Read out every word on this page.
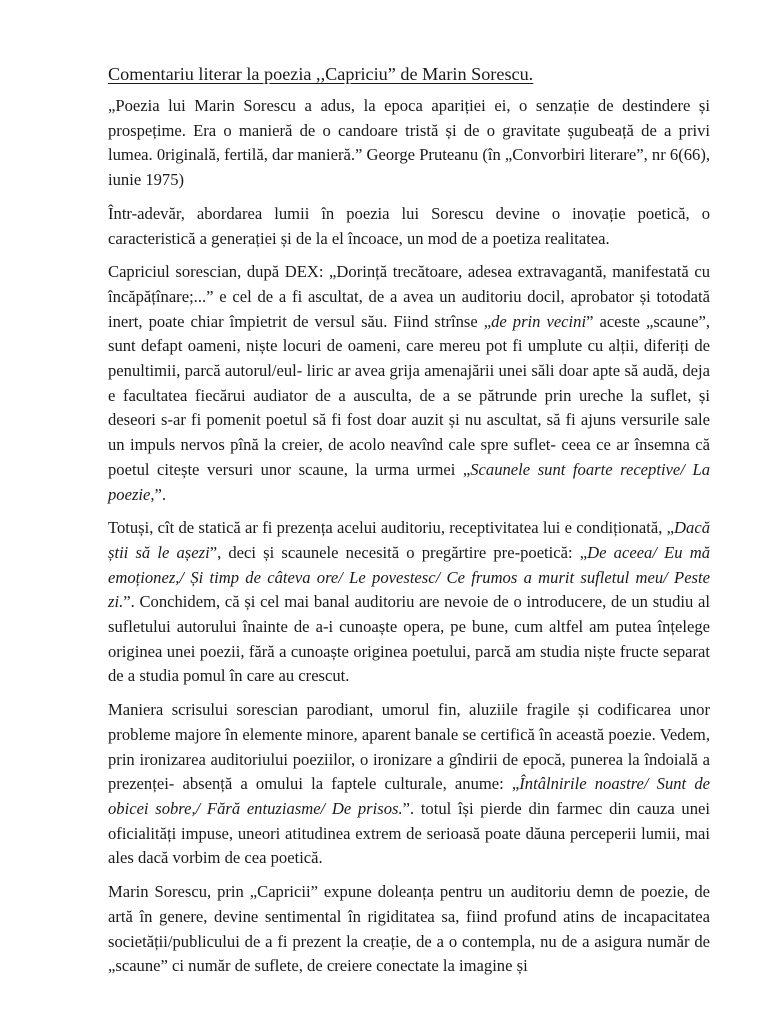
Comentariu literar la poezia ,,Capriciu” de Marin Sorescu.

„Poezia lui Marin Sorescu a adus, la epoca apariției ei, o senzație de destindere și prospețime. Era o manieră de o candoare tristă și de o gravitate șugubeață de a privi lumea. 0riginală, fertilă, dar manieră.” George Pruteanu (în „Convorbiri literare”, nr 6(66), iunie 1975)

Într-adevăr, abordarea lumii în poezia lui Sorescu devine o inovație poetică, o caracteristică a generației și de la el încoace, un mod de a poetiza realitatea.

Capriciul sorescian, după DEX: „Dorință trecătoare, adesea extravagantă, manifestată cu încăpățînare;...” e cel de a fi ascultat, de a avea un auditoriu docil, aprobator și totodată inert, poate chiar împietrit de versul său. Fiind strînse „de prin vecini” aceste „scaune”, sunt defapt oameni, niște locuri de oameni, care mereu pot fi umplute cu alții, diferiți de penultimii, parcă autorul/eul- liric ar avea grija amenajării unei săli doar apte să audă, deja e facultatea fiecărui audiator de a ausculta, de a se pătrunde prin ureche la suflet, și deseori s-ar fi pomenit poetul să fi fost doar auzit și nu ascultat, să fi ajuns versurile sale un impuls nervos pînă la creier, de acolo neavînd cale spre suflet- ceea ce ar însemna că poetul citește versuri unor scaune, la urma urmei „Scaunele sunt foarte receptive/ La poezie,”.

Totuși, cît de statică ar fi prezența acelui auditoriu, receptivitatea lui e condiționată, „Dacă știi să le așezi”, deci și scaunele necesită o pregărtire pre-poetică: „De aceea/ Eu mă emoționez,/ Și timp de câteva ore/ Le povestesc/ Ce frumos a murit sufletul meu/ Peste zi.”. Conchidem, că și cel mai banal auditoriu are nevoie de o introducere, de un studiu al sufletului autorului înainte de a-i cunoaște opera, pe bune, cum altfel am putea înțelege originea unei poezii, fără a cunoaște originea poetului, parcă am studia niște fructe separat de a studia pomul în care au crescut.

Maniera scrisului sorescian parodiant, umorul fin, aluziile fragile și codificarea unor probleme majore în elemente minore, aparent banale se certifică în această poezie. Vedem, prin ironizarea auditoriului poeziilor, o ironizare a gîndirii de epocă, punerea la îndoială a prezenței- absență a omului la faptele culturale, anume: „Întâlnirile noastre/ Sunt de obicei sobre,/ Fără entuziasme/ De prisos.”. totul își pierde din farmec din cauza unei oficialități impuse, uneori atitudinea extrem de serioasă poate dăuna perceperii lumii, mai ales dacă vorbim de cea poetică.

Marin Sorescu, prin „Capricii” expune doleanța pentru un auditoriu demn de poezie, de artă în genere, devine sentimental în rigiditatea sa, fiind profund atins de incapacitatea societății/publicului de a fi prezent la creație, de a o contempla, nu de a asigura număr de „scaune” ci număr de suflete, de creiere conectate la imagine și
